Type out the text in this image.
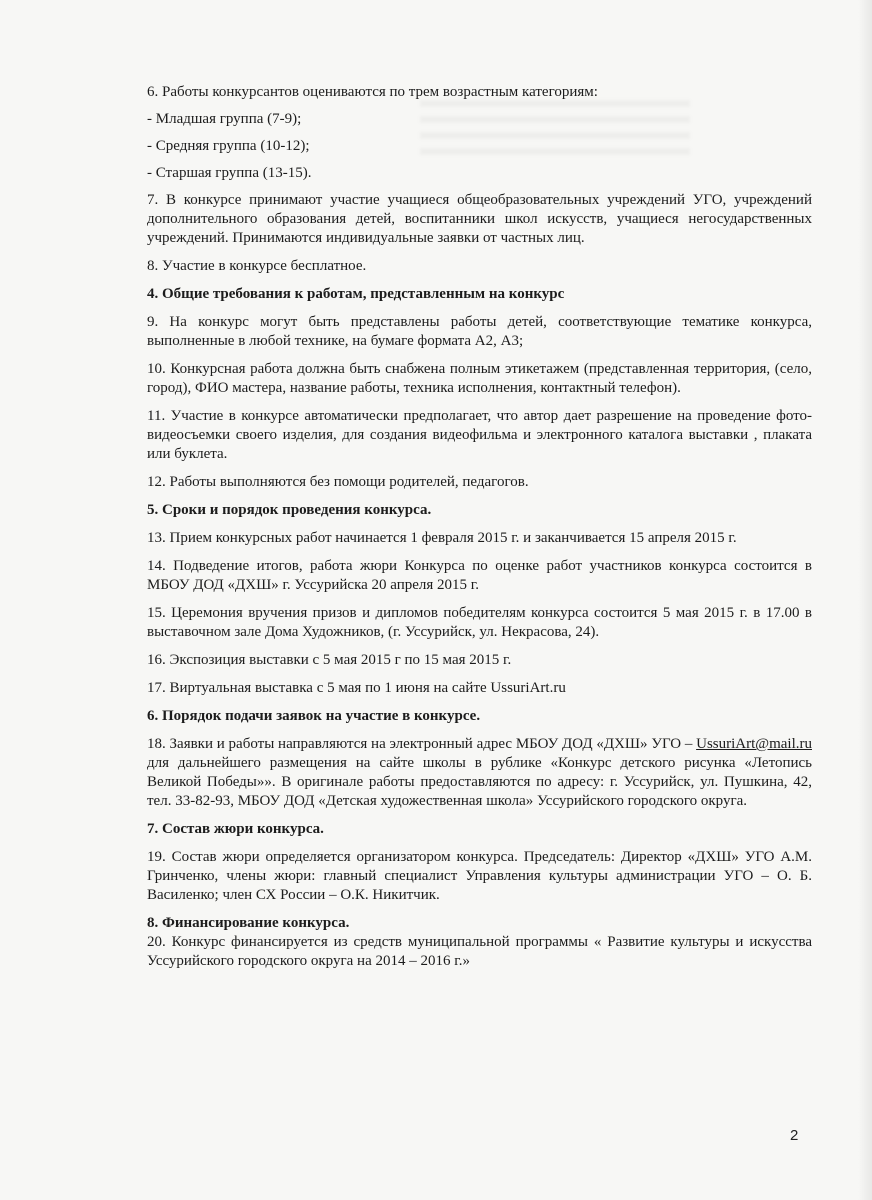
6. Работы конкурсантов оцениваются по трем возрастным категориям:

- Младшая группа (7-9);

- Средняя группа (10-12);

- Старшая группа (13-15).

7. В конкурсе принимают участие учащиеся общеобразовательных учреждений УГО, учреждений дополнительного образования детей, воспитанники школ искусств, учащиеся негосударственных учреждений. Принимаются индивидуальные заявки от частных лиц.

8. Участие в конкурсе бесплатное.

4. Общие требования к работам, представленным на конкурс

9. На конкурс могут быть представлены работы детей, соответствующие тематике конкурса, выполненные в любой технике, на бумаге формата А2, А3;

10. Конкурсная работа должна быть снабжена полным этикетажем (представленная территория, (село, город), ФИО мастера, название работы, техника исполнения, контактный телефон).

11. Участие в конкурсе автоматически предполагает, что автор дает разрешение на проведение фото-видеосъемки своего изделия, для создания видеофильма и электронного каталога выставки , плаката или буклета.

12. Работы выполняются без помощи родителей, педагогов.

5. Сроки и порядок проведения конкурса.

13. Прием конкурсных работ начинается 1 февраля 2015 г. и заканчивается 15 апреля 2015 г.

14. Подведение итогов, работа жюри Конкурса по оценке работ участников конкурса состоится в МБОУ ДОД «ДХШ» г. Уссурийска 20 апреля 2015 г.

15. Церемония вручения призов и дипломов победителям конкурса состоится 5 мая 2015 г. в 17.00 в выставочном зале Дома Художников, (г. Уссурийск, ул. Некрасова, 24).

16. Экспозиция выставки с 5 мая 2015 г по 15 мая 2015 г.

17. Виртуальная выставка с 5 мая по 1 июня на сайте UssuriArt.ru

6. Порядок подачи заявок на участие в конкурсе.

18. Заявки и работы направляются на электронный адрес МБОУ ДОД «ДХШ» УГО – UssuriArt@mail.ru для дальнейшего размещения на сайте школы в рублике «Конкурс детского рисунка «Летопись Великой Победы»». В оригинале работы предоставляются по адресу: г. Уссурийск, ул. Пушкина, 42, тел. 33-82-93, МБОУ ДОД «Детская художественная школа» Уссурийского городского округа.

7. Состав жюри конкурса.

19. Состав жюри определяется организатором конкурса. Председатель: Директор «ДХШ» УГО А.М. Гринченко, члены жюри: главный специалист Управления культуры администрации УГО – О. Б. Василенко; член СХ России – О.К. Никитчик.

8. Финансирование конкурса.

20. Конкурс финансируется из средств муниципальной программы « Развитие культуры и искусства Уссурийского городского округа на 2014 – 2016 г.»

2
